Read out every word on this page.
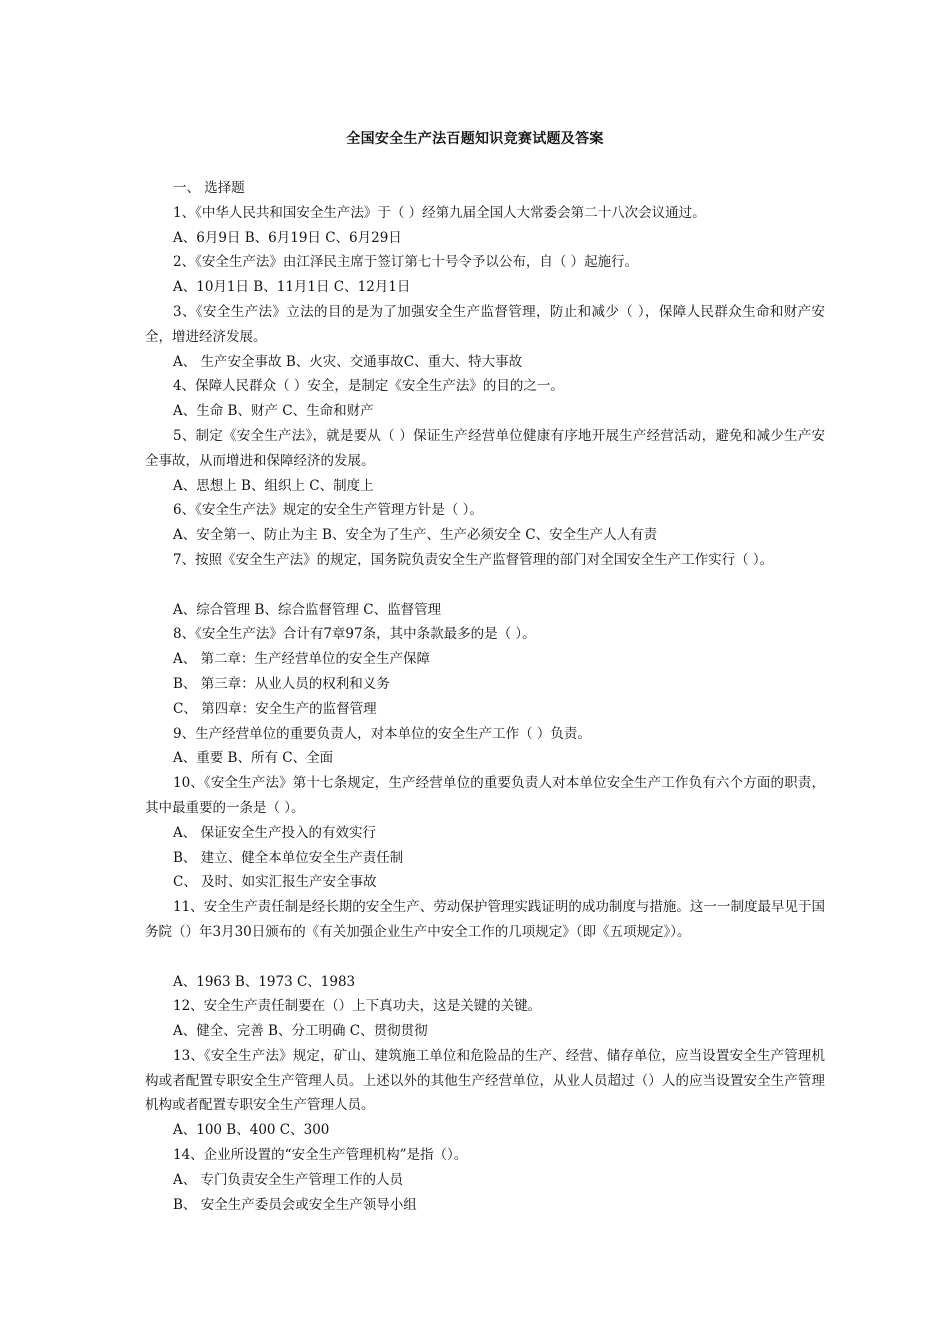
全国安全生产法百题知识竞赛试题及答案

一、 选择题

1、《中华人民共和国安全生产法》于（ ）经第九届全国人大常委会第二十八次会议通过。

A、6月9日 B、6月19日 C、6月29日

2、《安全生产法》由江泽民主席于签订第七十号令予以公布，自（ ）起施行。

A、10月1日 B、11月1日 C、12月1日

3、《安全生产法》立法的目的是为了加强安全生产监督管理，防止和减少（ ），保障人民群众生命和财产安全，增进经济发展。

A、 生产安全事故 B、火灾、交通事故C、重大、特大事故

4、保障人民群众（ ）安全，是制定《安全生产法》的目的之一。

A、生命 B、财产 C、生命和财产

5、制定《安全生产法》，就是要从（ ）保证生产经营单位健康有序地开展生产经营活动，避免和减少生产安全事故，从而增进和保障经济的发展。

A、思想上 B、组织上 C、制度上

6、《安全生产法》规定的安全生产管理方针是（ ）。

A、安全第一、防止为主 B、安全为了生产、生产必须安全 C、安全生产人人有责

7、按照《安全生产法》的规定，国务院负责安全生产监督管理的部门对全国安全生产工作实行（ ）。

A、综合管理 B、综合监督管理 C、监督管理

8、《安全生产法》合计有7章97条，其中条款最多的是（ ）。

A、 第二章：生产经营单位的安全生产保障

B、 第三章：从业人员的权利和义务

C、 第四章：安全生产的监督管理

9、生产经营单位的重要负责人，对本单位的安全生产工作（ ）负责。

A、重要 B、所有 C、全面

10、《安全生产法》第十七条规定，生产经营单位的重要负责人对本单位安全生产工作负有六个方面的职责，其中最重要的一条是（ ）。

A、 保证安全生产投入的有效实行

B、 建立、健全本单位安全生产责任制

C、 及时、如实汇报生产安全事故

11、安全生产责任制是经长期的安全生产、劳动保护管理实践证明的成功制度与措施。这一一制度最早见于国务院（）年3月30日颁布的《有关加强企业生产中安全工作的几项规定》（即《五项规定》）。

A、1963 B、1973 C、1983

12、安全生产责任制要在（）上下真功夫，这是关键的关键。

A、健全、完善 B、分工明确 C、贯彻贯彻

13、《安全生产法》规定，矿山、建筑施工单位和危险品的生产、经营、储存单位，应当设置安全生产管理机构或者配置专职安全生产管理人员。上述以外的其他生产经营单位，从业人员超过（）人的应当设置安全生产管理机构或者配置专职安全生产管理人员。

A、100 B、400 C、300

14、企业所设置的“安全生产管理机构”是指（）。

A、 专门负责安全生产管理工作的人员

B、 安全生产委员会或安全生产领导小组
